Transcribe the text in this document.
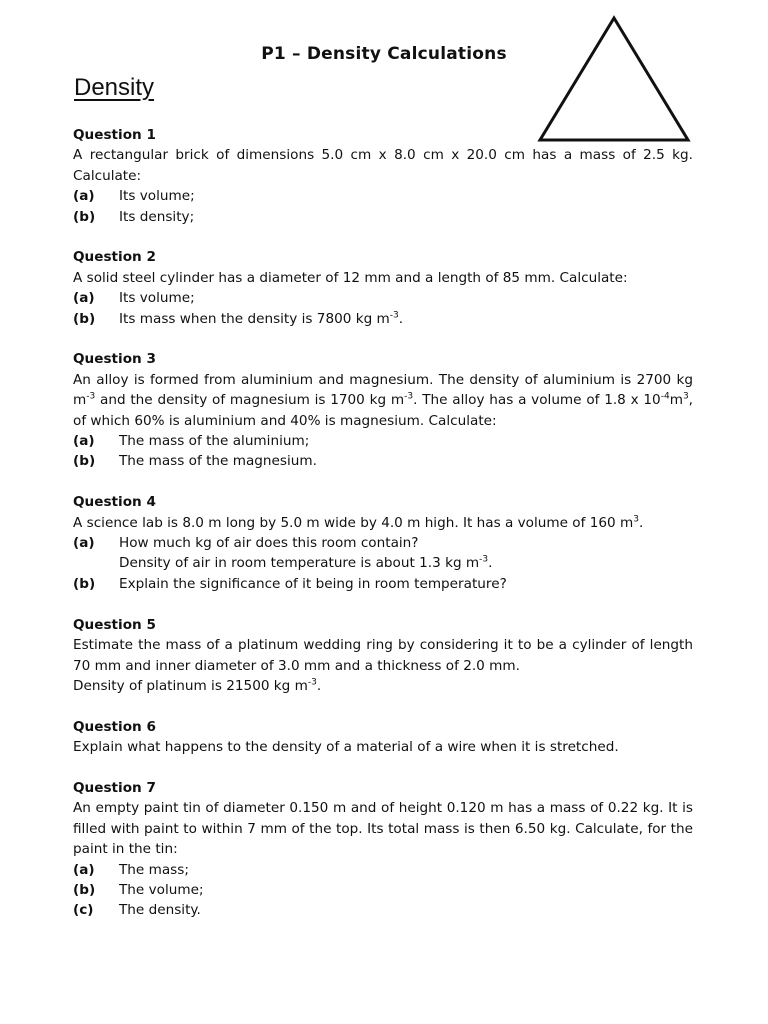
P1 – Density Calculations
Density

Question 1

A rectangular brick of dimensions 5.0 cm x 8.0 cm x 20.0 cm has a mass of 2.5 kg. Calculate:

(a)	Its volume;
(b)	Its density;

Question 2

A solid steel cylinder has a diameter of 12 mm and a length of 85 mm. Calculate:

(a)	Its volume;
(b)	Its mass when the density is 7800 kg $m^{-3}$.

Question 3

An alloy is formed from aluminium and magnesium. The density of aluminium is 2700 kg $m^{-3}$ and the density of magnesium is 1700 kg $m^{-3}$. The alloy has a volume of 1.8 x $10^{-4}m^3$, of which 60% is aluminium and 40% is magnesium. Calculate:

(a)	The mass of the aluminium;
(b)	The mass of the magnesium.

Question 4

A science lab is 8.0 m long by 5.0 m wide by 4.0 m high. It has a volume of 160 $m^3$.

(a)	How much kg of air does this room contain?

Density of air in room temperature is about 1.3 kg $m^{-3}$.

(b)	Explain the significance of it being in room temperature?

Question 5

Estimate the mass of a platinum wedding ring by considering it to be a cylinder of length 70 mm and inner diameter of 3.0 mm and a thickness of 2.0 mm.

Density of platinum is 21500 kg $m^{-3}$.

Question 6

Explain what happens to the density of a material of a wire when it is stretched.

Question 7

An empty paint tin of diameter 0.150 m and of height 0.120 m has a mass of 0.22 kg. It is filled with paint to within 7 mm of the top. Its total mass is then 6.50 kg. Calculate, for the paint in the tin:

(a)	The mass;
(b)	The volume;
(c)	The density.
